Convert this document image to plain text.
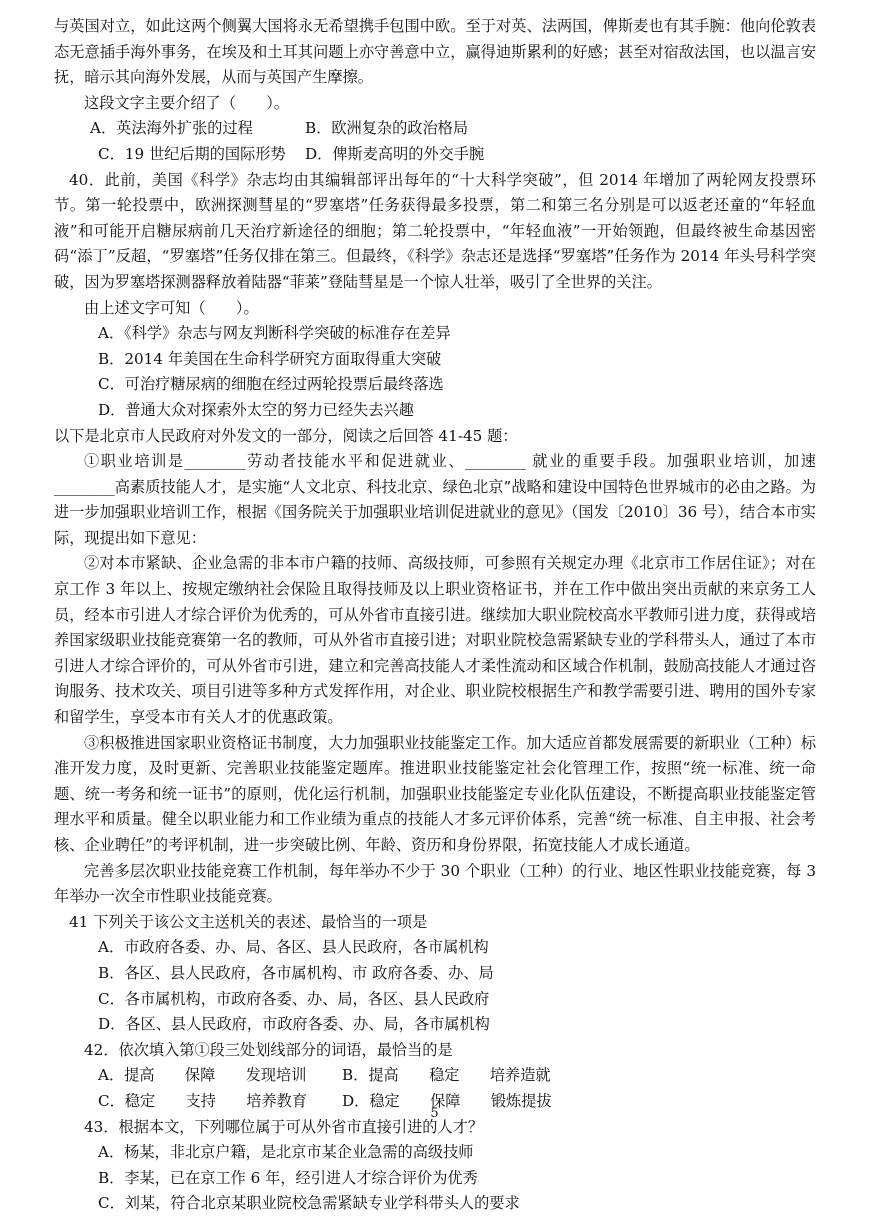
与英国对立，如此这两个侧翼大国将永无希望携手包围中欧。至于对英、法两国，俾斯麦也有其手腕：他向伦敦表态无意插手海外事务，在埃及和土耳其问题上亦守善意中立，赢得迪斯累利的好感；甚至对宿敌法国，也以温言安抚，暗示其向海外发展，从而与英国产生摩擦。

这段文字主要介绍了（　　）。

A．英法海外扩张的过程	B．欧洲复杂的政治格局
C．19 世纪后期的国际形势	D．俾斯麦高明的外交手腕

40．此前，美国《科学》杂志均由其编辑部评出每年的“十大科学突破”，但 2014 年增加了两轮网友投票环节。第一轮投票中，欧洲探测彗星的“罗塞塔”任务获得最多投票，第二和第三名分别是可以返老还童的“年轻血液”和可能开启糖尿病前几天治疗新途径的细胞；第二轮投票中，“年轻血液”一开始领跑，但最终被生命基因密码“添丁”反超，“罗塞塔”任务仅排在第三。但最终，《科学》杂志还是选择“罗塞塔”任务作为 2014 年头号科学突破，因为罗塞塔探测器释放着陆器“菲莱”登陆彗星是一个惊人壮举，吸引了全世界的关注。

由上述文字可知（　　）。

A．《科学》杂志与网友判断科学突破的标准存在差异

B．2014 年美国在生命科学研究方面取得重大突破

C．可治疗糖尿病的细胞在经过两轮投票后最终落选

D．普通大众对探索外太空的努力已经失去兴趣

以下是北京市人民政府对外发文的一部分，阅读之后回答 41-45 题：

①职业培训是________劳动者技能水平和促进就业、________ 就业的重要手段。加强职业培训，加速________高素质技能人才，是实施“人文北京、科技北京、绿色北京”战略和建设中国特色世界城市的必由之路。为进一步加强职业培训工作，根据《国务院关于加强职业培训促进就业的意见》（国发〔2010〕36 号），结合本市实际，现提出如下意见：

②对本市紧缺、企业急需的非本市户籍的技师、高级技师，可参照有关规定办理《北京市工作居住证》；对在京工作 3 年以上、按规定缴纳社会保险且取得技师及以上职业资格证书，并在工作中做出突出贡献的来京务工人员，经本市引进人才综合评价为优秀的，可从外省市直接引进。继续加大职业院校高水平教师引进力度，获得或培养国家级职业技能竞赛第一名的教师，可从外省市直接引进；对职业院校急需紧缺专业的学科带头人，通过了本市引进人才综合评价的，可从外省市引进，建立和完善高技能人才柔性流动和区域合作机制，鼓励高技能人才通过咨询服务、技术攻关、项目引进等多种方式发挥作用，对企业、职业院校根据生产和教学需要引进、聘用的国外专家和留学生，享受本市有关人才的优惠政策。

③积极推进国家职业资格证书制度，大力加强职业技能鉴定工作。加大适应首都发展需要的新职业（工种）标准开发力度，及时更新、完善职业技能鉴定题库。推进职业技能鉴定社会化管理工作，按照“统一标准、统一命题、统一考务和统一证书”的原则，优化运行机制，加强职业技能鉴定专业化队伍建设，不断提高职业技能鉴定管理水平和质量。健全以职业能力和工作业绩为重点的技能人才多元评价体系，完善“统一标准、自主申报、社会考核、企业聘任”的考评机制，进一步突破比例、年龄、资历和身份界限，拓宽技能人才成长通道。

完善多层次职业技能竞赛工作机制，每年举办不少于 30 个职业（工种）的行业、地区性职业技能竞赛，每 3 年举办一次全市性职业技能竞赛。

41 下列关于该公文主送机关的表述、最恰当的一项是

A．市政府各委、办、局、各区、县人民政府，各市属机构

B．各区、县人民政府，各市属机构、市 政府各委、办、局

C．各市属机构，市政府各委、办、局，各区、县人民政府

D．各区、县人民政府，市政府各委、办、局，各市属机构

42．依次填入第①段三处划线部分的词语，最恰当的是

A．提高　　保障　　发现培训	B．提高　　稳定　　培养造就
C．稳定　　支持　　培养教育	D．稳定　　保障　　锻炼提拔

43．根据本文，下列哪位属于可从外省市直接引进的人才？

A．杨某，非北京户籍，是北京市某企业急需的高级技师

B．李某，已在京工作 6 年，经引进人才综合评价为优秀

C．刘某，符合北京某职业院校急需紧缺专业学科带头人的要求

5
